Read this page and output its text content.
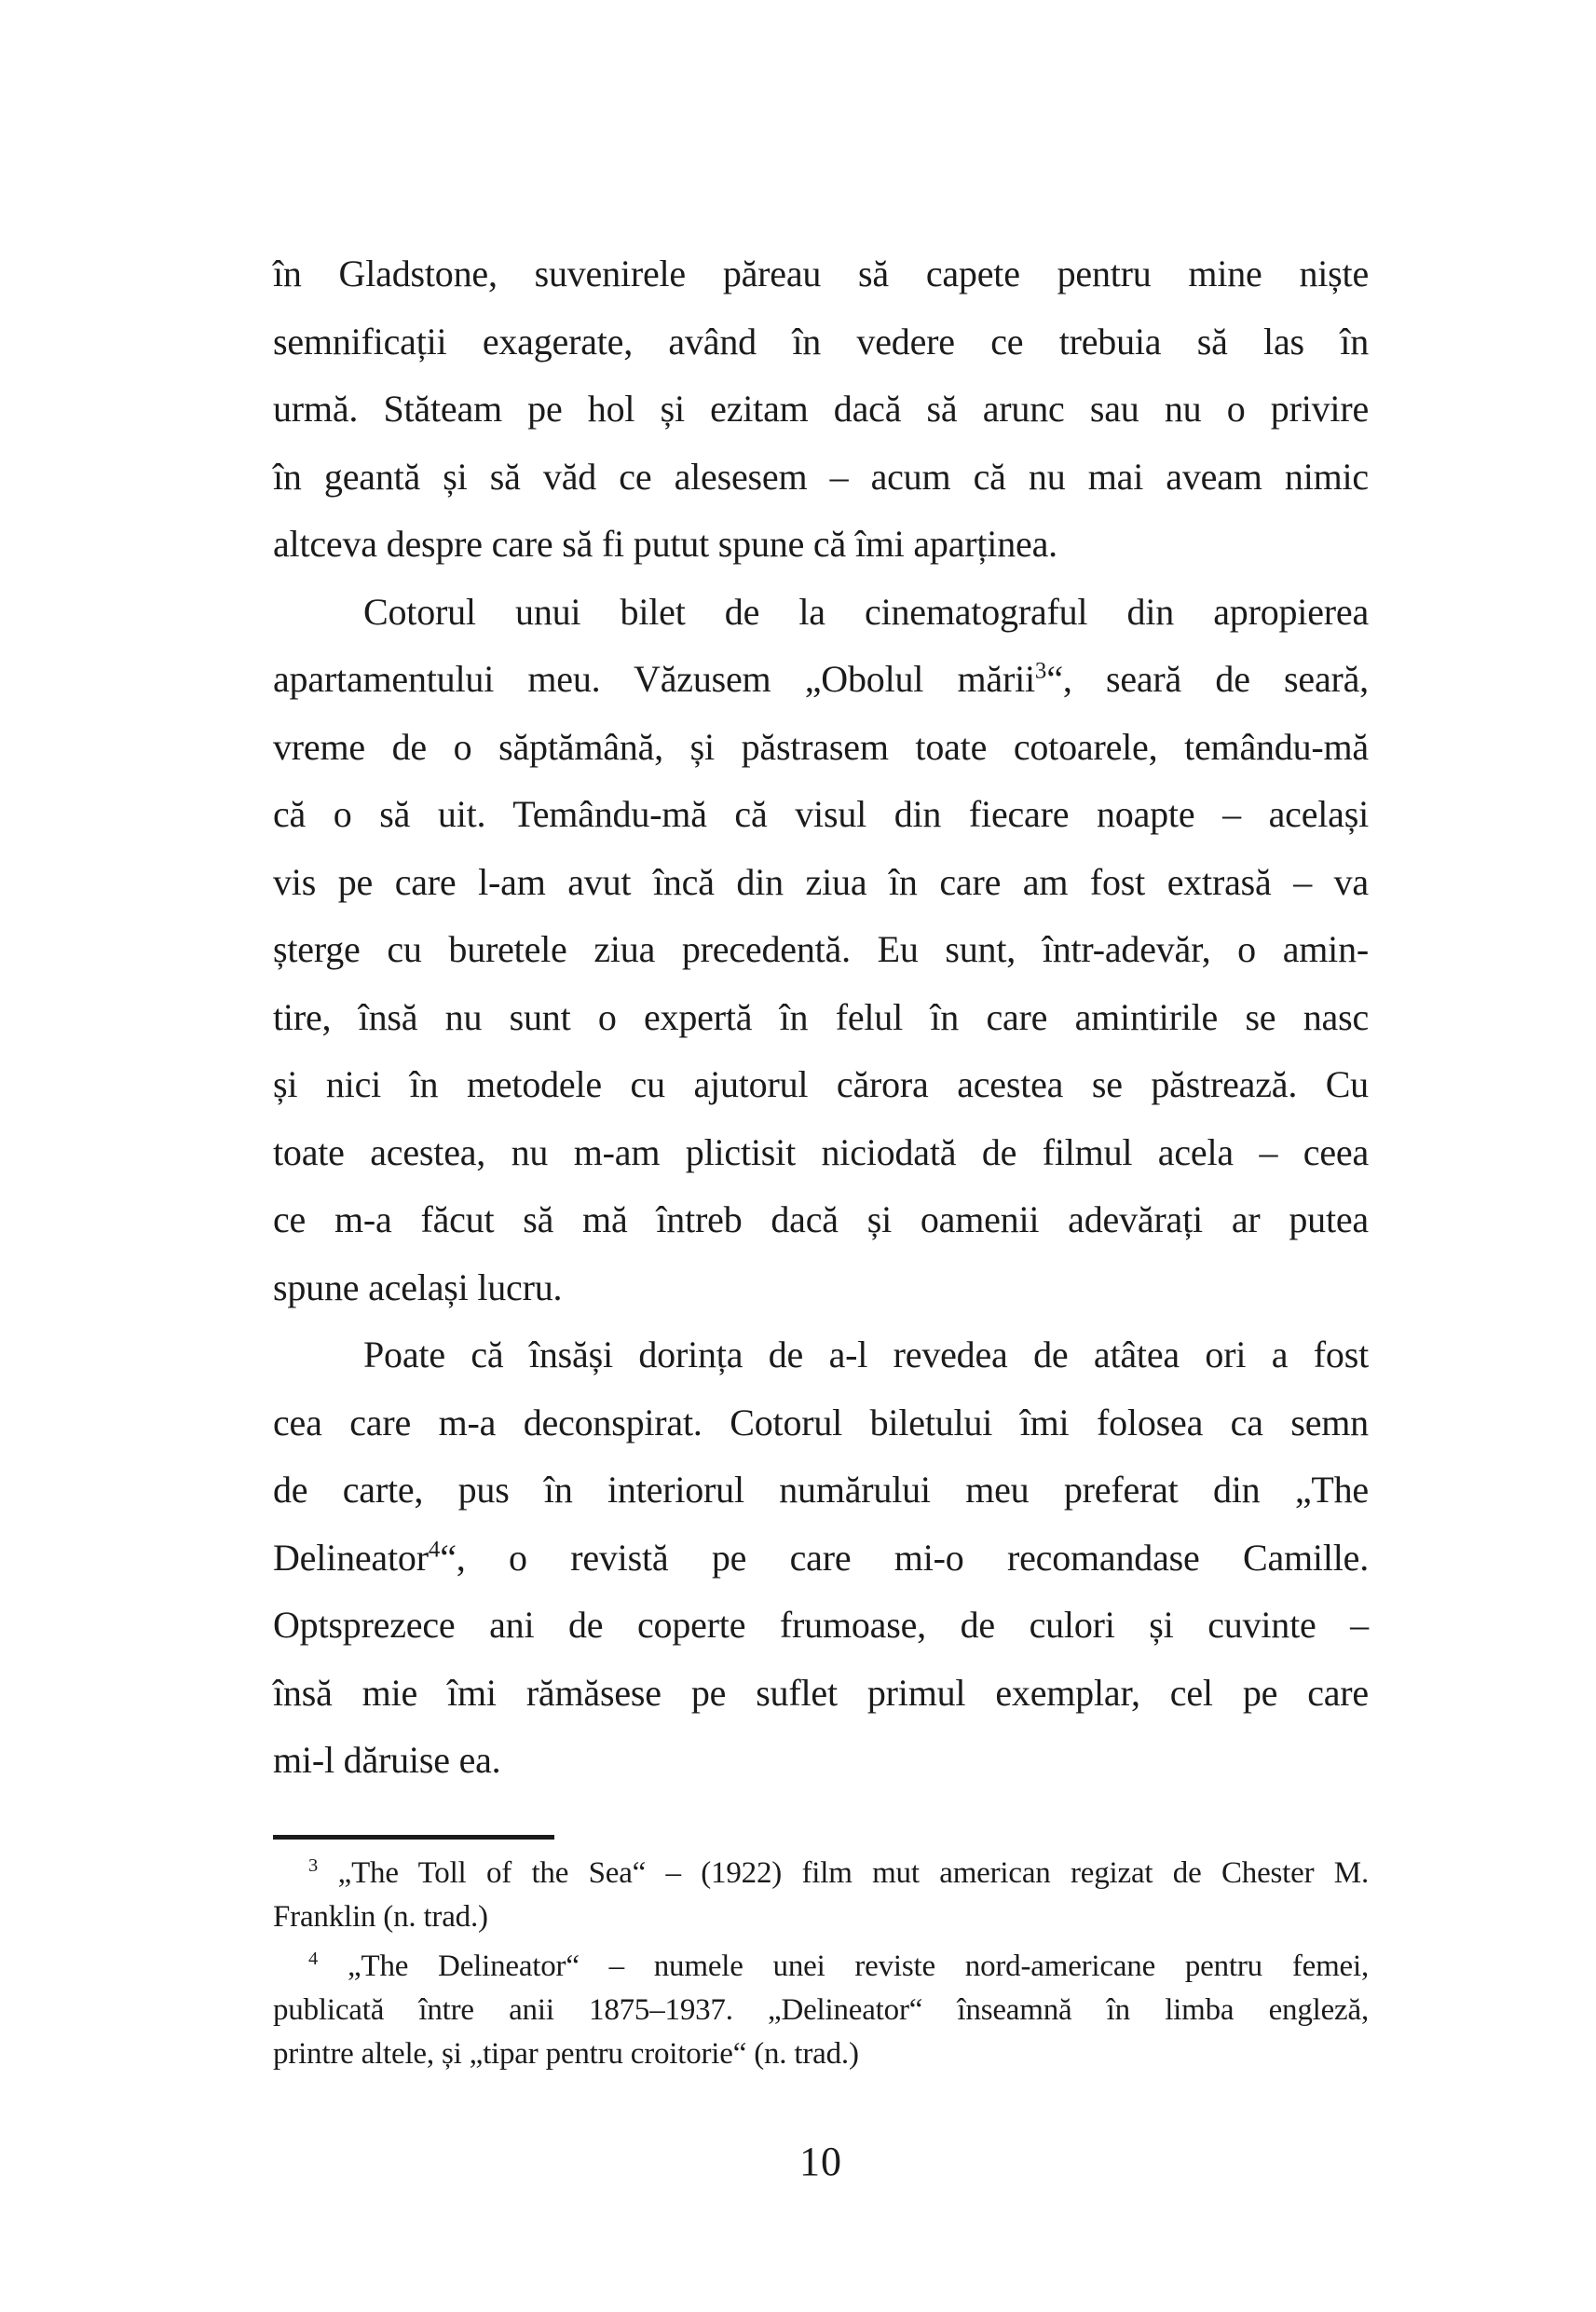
în Gladstone, suvenirele păreau să capete pentru mine niște
semnificații exagerate, având în vedere ce trebuia să las în
urmă. Stăteam pe hol și ezitam dacă să arunc sau nu o privire
în geantă și să văd ce alesesem – acum că nu mai aveam nimic
altceva despre care să fi putut spune că îmi aparținea.
Cotorul unui bilet de la cinematograful din apropierea
apartamentului meu. Văzusem „Obolul mării$^3$“, seară de seară,
vreme de o săptămână, și păstrasem toate cotoarele, temându-mă
că o să uit. Temându-mă că visul din fiecare noapte – același
vis pe care l-am avut încă din ziua în care am fost extrasă – va
șterge cu buretele ziua precedentă. Eu sunt, într-adevăr, o amin-
tire, însă nu sunt o expertă în felul în care amintirile se nasc
și nici în metodele cu ajutorul cărora acestea se păstrează. Cu
toate acestea, nu m-am plictisit niciodată de filmul acela – ceea
ce m-a făcut să mă întreb dacă și oamenii adevărați ar putea
spune același lucru.
Poate că însăși dorința de a-l revedea de atâtea ori a fost
cea care m-a deconspirat. Cotorul biletului îmi folosea ca semn
de carte, pus în interiorul numărului meu preferat din „The
Delineator$^4$“, o revistă pe care mi-o recomandase Camille.
Optsprezece ani de coperte frumoase, de culori și cuvinte –
însă mie îmi rămăsese pe suflet primul exemplar, cel pe care
mi-l dăruise ea.
$^3$ „The Toll of the Sea“ – (1922) film mut american regizat de Chester M.
Franklin (n. trad.)
$^4$ „The Delineator“ – numele unei reviste nord-americane pentru femei,
publicată între anii 1875–1937. „Delineator“ înseamnă în limba engleză,
printre altele, și „tipar pentru croitorie“ (n. trad.)
10
